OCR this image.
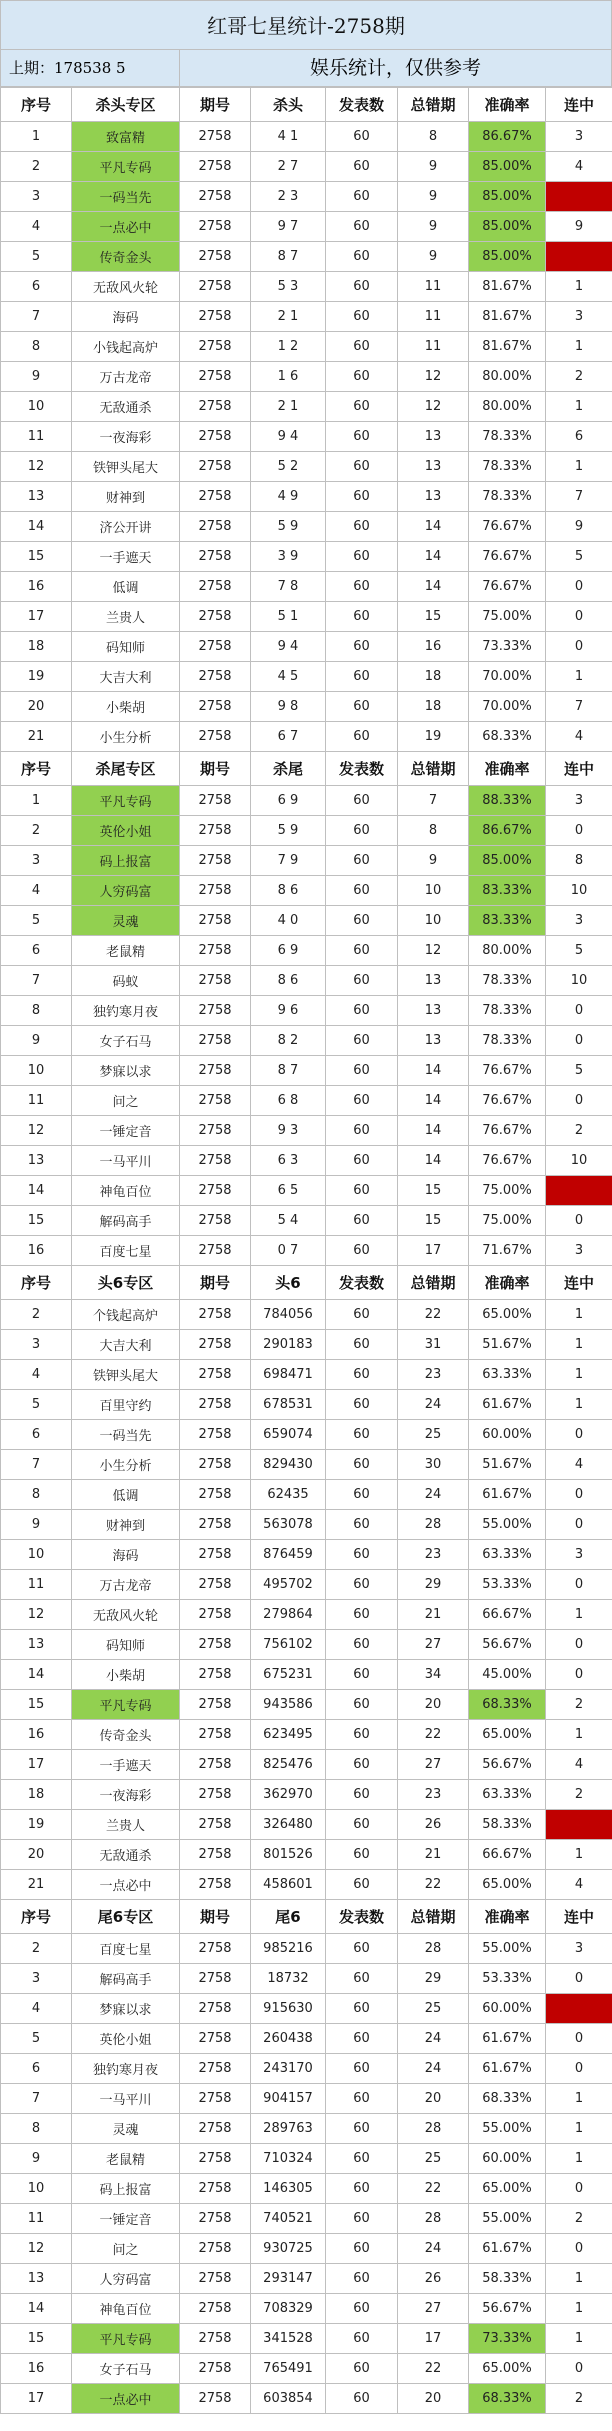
红哥七星统计-2758期
上期：178538 5	娱乐统计，仅供参考
序号	杀头专区	期号	杀头	发表数	总错期	准确率	连中
1	致富精	2758	4 1	60	8	86.67%	3
2	平凡专码	2758	2 7	60	9	85.00%	4
3	一码当先	2758	2 3	60	9	85.00%	31
4	一点必中	2758	9 7	60	9	85.00%	9
5	传奇金头	2758	8 7	60	9	85.00%	28
6	无敌风火轮	2758	5 3	60	11	81.67%	1
7	海码	2758	2 1	60	11	81.67%	3
8	小钱起高炉	2758	1 2	60	11	81.67%	1
9	万古龙帝	2758	1 6	60	12	80.00%	2
10	无敌通杀	2758	2 1	60	12	80.00%	1
11	一夜海彩	2758	9 4	60	13	78.33%	6
12	铁钾头尾大	2758	5 2	60	13	78.33%	1
13	财神到	2758	4 9	60	13	78.33%	7
14	济公开讲	2758	5 9	60	14	76.67%	9
15	一手遮天	2758	3 9	60	14	76.67%	5
16	低调	2758	7 8	60	14	76.67%	0
17	兰贵人	2758	5 1	60	15	75.00%	0
18	码知师	2758	9 4	60	16	73.33%	0
19	大吉大利	2758	4 5	60	18	70.00%	1
20	小柴胡	2758	9 8	60	18	70.00%	7
21	小生分析	2758	6 7	60	19	68.33%	4
序号	杀尾专区	期号	杀尾	发表数	总错期	准确率	连中
1	平凡专码	2758	6 9	60	7	88.33%	3
2	英伦小姐	2758	5 9	60	8	86.67%	0
3	码上报富	2758	7 9	60	9	85.00%	8
4	人穷码富	2758	8 6	60	10	83.33%	10
5	灵魂	2758	4 0	60	10	83.33%	3
6	老鼠精	2758	6 9	60	12	80.00%	5
7	码蚁	2758	8 6	60	13	78.33%	10
8	独钓寒月夜	2758	9 6	60	13	78.33%	0
9	女子石马	2758	8 2	60	13	78.33%	0
10	梦寐以求	2758	8 7	60	14	76.67%	5
11	问之	2758	6 8	60	14	76.67%	0
12	一锤定音	2758	9 3	60	14	76.67%	2
13	一马平川	2758	6 3	60	14	76.67%	10
14	神龟百位	2758	6 5	60	15	75.00%	21
15	解码高手	2758	5 4	60	15	75.00%	0
16	百度七星	2758	0 7	60	17	71.67%	3
序号	头6专区	期号	头6	发表数	总错期	准确率	连中
2	个钱起高炉	2758	784056	60	22	65.00%	1
3	大吉大利	2758	290183	60	31	51.67%	1
4	铁钾头尾大	2758	698471	60	23	63.33%	1
5	百里守约	2758	678531	60	24	61.67%	1
6	一码当先	2758	659074	60	25	60.00%	0
7	小生分析	2758	829430	60	30	51.67%	4
8	低调	2758	62435	60	24	61.67%	0
9	财神到	2758	563078	60	28	55.00%	0
10	海码	2758	876459	60	23	63.33%	3
11	万古龙帝	2758	495702	60	29	53.33%	0
12	无敌风火轮	2758	279864	60	21	66.67%	1
13	码知师	2758	756102	60	27	56.67%	0
14	小柴胡	2758	675231	60	34	45.00%	0
15	平凡专码	2758	943586	60	20	68.33%	2
16	传奇金头	2758	623495	60	22	65.00%	1
17	一手遮天	2758	825476	60	27	56.67%	4
18	一夜海彩	2758	362970	60	23	63.33%	2
19	兰贵人	2758	326480	60	26	58.33%	5
20	无敌通杀	2758	801526	60	21	66.67%	1
21	一点必中	2758	458601	60	22	65.00%	4
序号	尾6专区	期号	尾6	发表数	总错期	准确率	连中
2	百度七星	2758	985216	60	28	55.00%	3
3	解码高手	2758	18732	60	29	53.33%	0
4	梦寐以求	2758	915630	60	25	60.00%	5
5	英伦小姐	2758	260438	60	24	61.67%	0
6	独钓寒月夜	2758	243170	60	24	61.67%	0
7	一马平川	2758	904157	60	20	68.33%	1
8	灵魂	2758	289763	60	28	55.00%	1
9	老鼠精	2758	710324	60	25	60.00%	1
10	码上报富	2758	146305	60	22	65.00%	0
11	一锤定音	2758	740521	60	28	55.00%	2
12	问之	2758	930725	60	24	61.67%	0
13	人穷码富	2758	293147	60	26	58.33%	1
14	神龟百位	2758	708329	60	27	56.67%	1
15	平凡专码	2758	341528	60	17	73.33%	1
16	女子石马	2758	765491	60	22	65.00%	0
17	一点必中	2758	603854	60	20	68.33%	2
